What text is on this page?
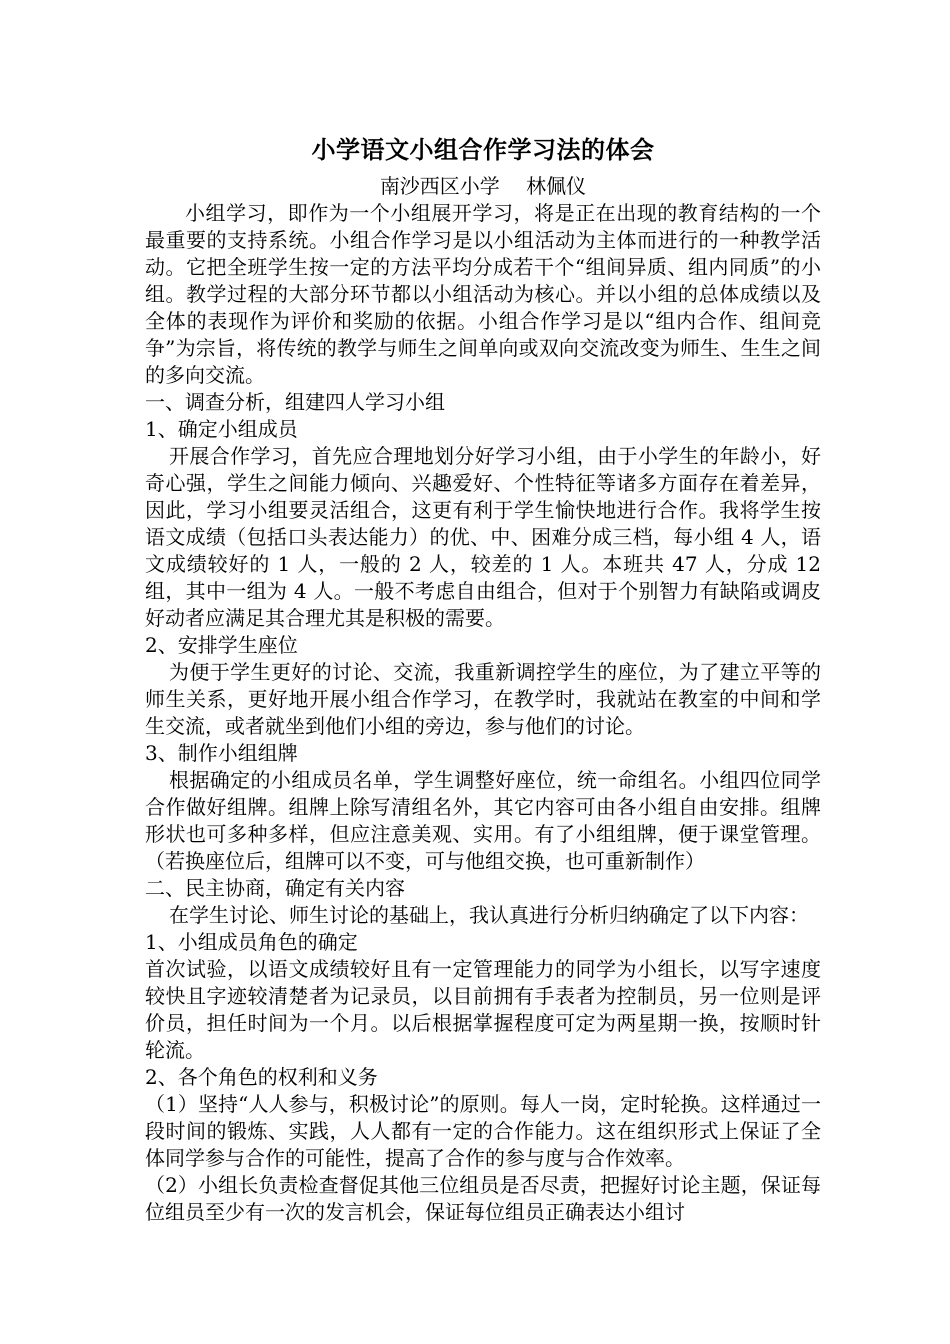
小学语文小组合作学习法的体会
南沙西区小学　 林佩仪

小组学习，即作为一个小组展开学习，将是正在出现的教育结构的一个最重要的支持系统。小组合作学习是以小组活动为主体而进行的一种教学活动。它把全班学生按一定的方法平均分成若干个“组间异质、组内同质”的小组。教学过程的大部分环节都以小组活动为核心。并以小组的总体成绩以及全体的表现作为评价和奖励的依据。小组合作学习是以“组内合作、组间竞争”为宗旨，将传统的教学与师生之间单向或双向交流改变为师生、生生之间的多向交流。

一、调查分析，组建四人学习小组
1、确定小组成员

开展合作学习，首先应合理地划分好学习小组，由于小学生的年龄小，好奇心强，学生之间能力倾向、兴趣爱好、个性特征等诸多方面存在着差异，因此，学习小组要灵活组合，这更有利于学生愉快地进行合作。我将学生按语文成绩（包括口头表达能力）的优、中、困难分成三档，每小组 4 人，语文成绩较好的 1 人，一般的 2 人，较差的 1 人。本班共 47 人，分成 12 组，其中一组为 4 人。一般不考虑自由组合，但对于个别智力有缺陷或调皮好动者应满足其合理尤其是积极的需要。

2、安排学生座位

为便于学生更好的讨论、交流，我重新调控学生的座位，为了建立平等的师生关系，更好地开展小组合作学习，在教学时，我就站在教室的中间和学生交流，或者就坐到他们小组的旁边，参与他们的讨论。

3、制作小组组牌

根据确定的小组成员名单，学生调整好座位，统一命组名。小组四位同学合作做好组牌。组牌上除写清组名外，其它内容可由各小组自由安排。组牌形状也可多种多样，但应注意美观、实用。有了小组组牌，便于课堂管理。（若换座位后，组牌可以不变，可与他组交换，也可重新制作）

二、民主协商，确定有关内容

在学生讨论、师生讨论的基础上，我认真进行分析归纳确定了以下内容：

1、小组成员角色的确定

首次试验，以语文成绩较好且有一定管理能力的同学为小组长，以写字速度较快且字迹较清楚者为记录员，以目前拥有手表者为控制员，另一位则是评价员，担任时间为一个月。以后根据掌握程度可定为两星期一换，按顺时针轮流。

2、各个角色的权利和义务

（1）坚持“人人参与，积极讨论”的原则。每人一岗，定时轮换。这样通过一段时间的锻炼、实践，人人都有一定的合作能力。这在组织形式上保证了全体同学参与合作的可能性，提高了合作的参与度与合作效率。

（2）小组长负责检查督促其他三位组员是否尽责，把握好讨论主题，保证每位组员至少有一次的发言机会，保证每位组员正确表达小组讨
